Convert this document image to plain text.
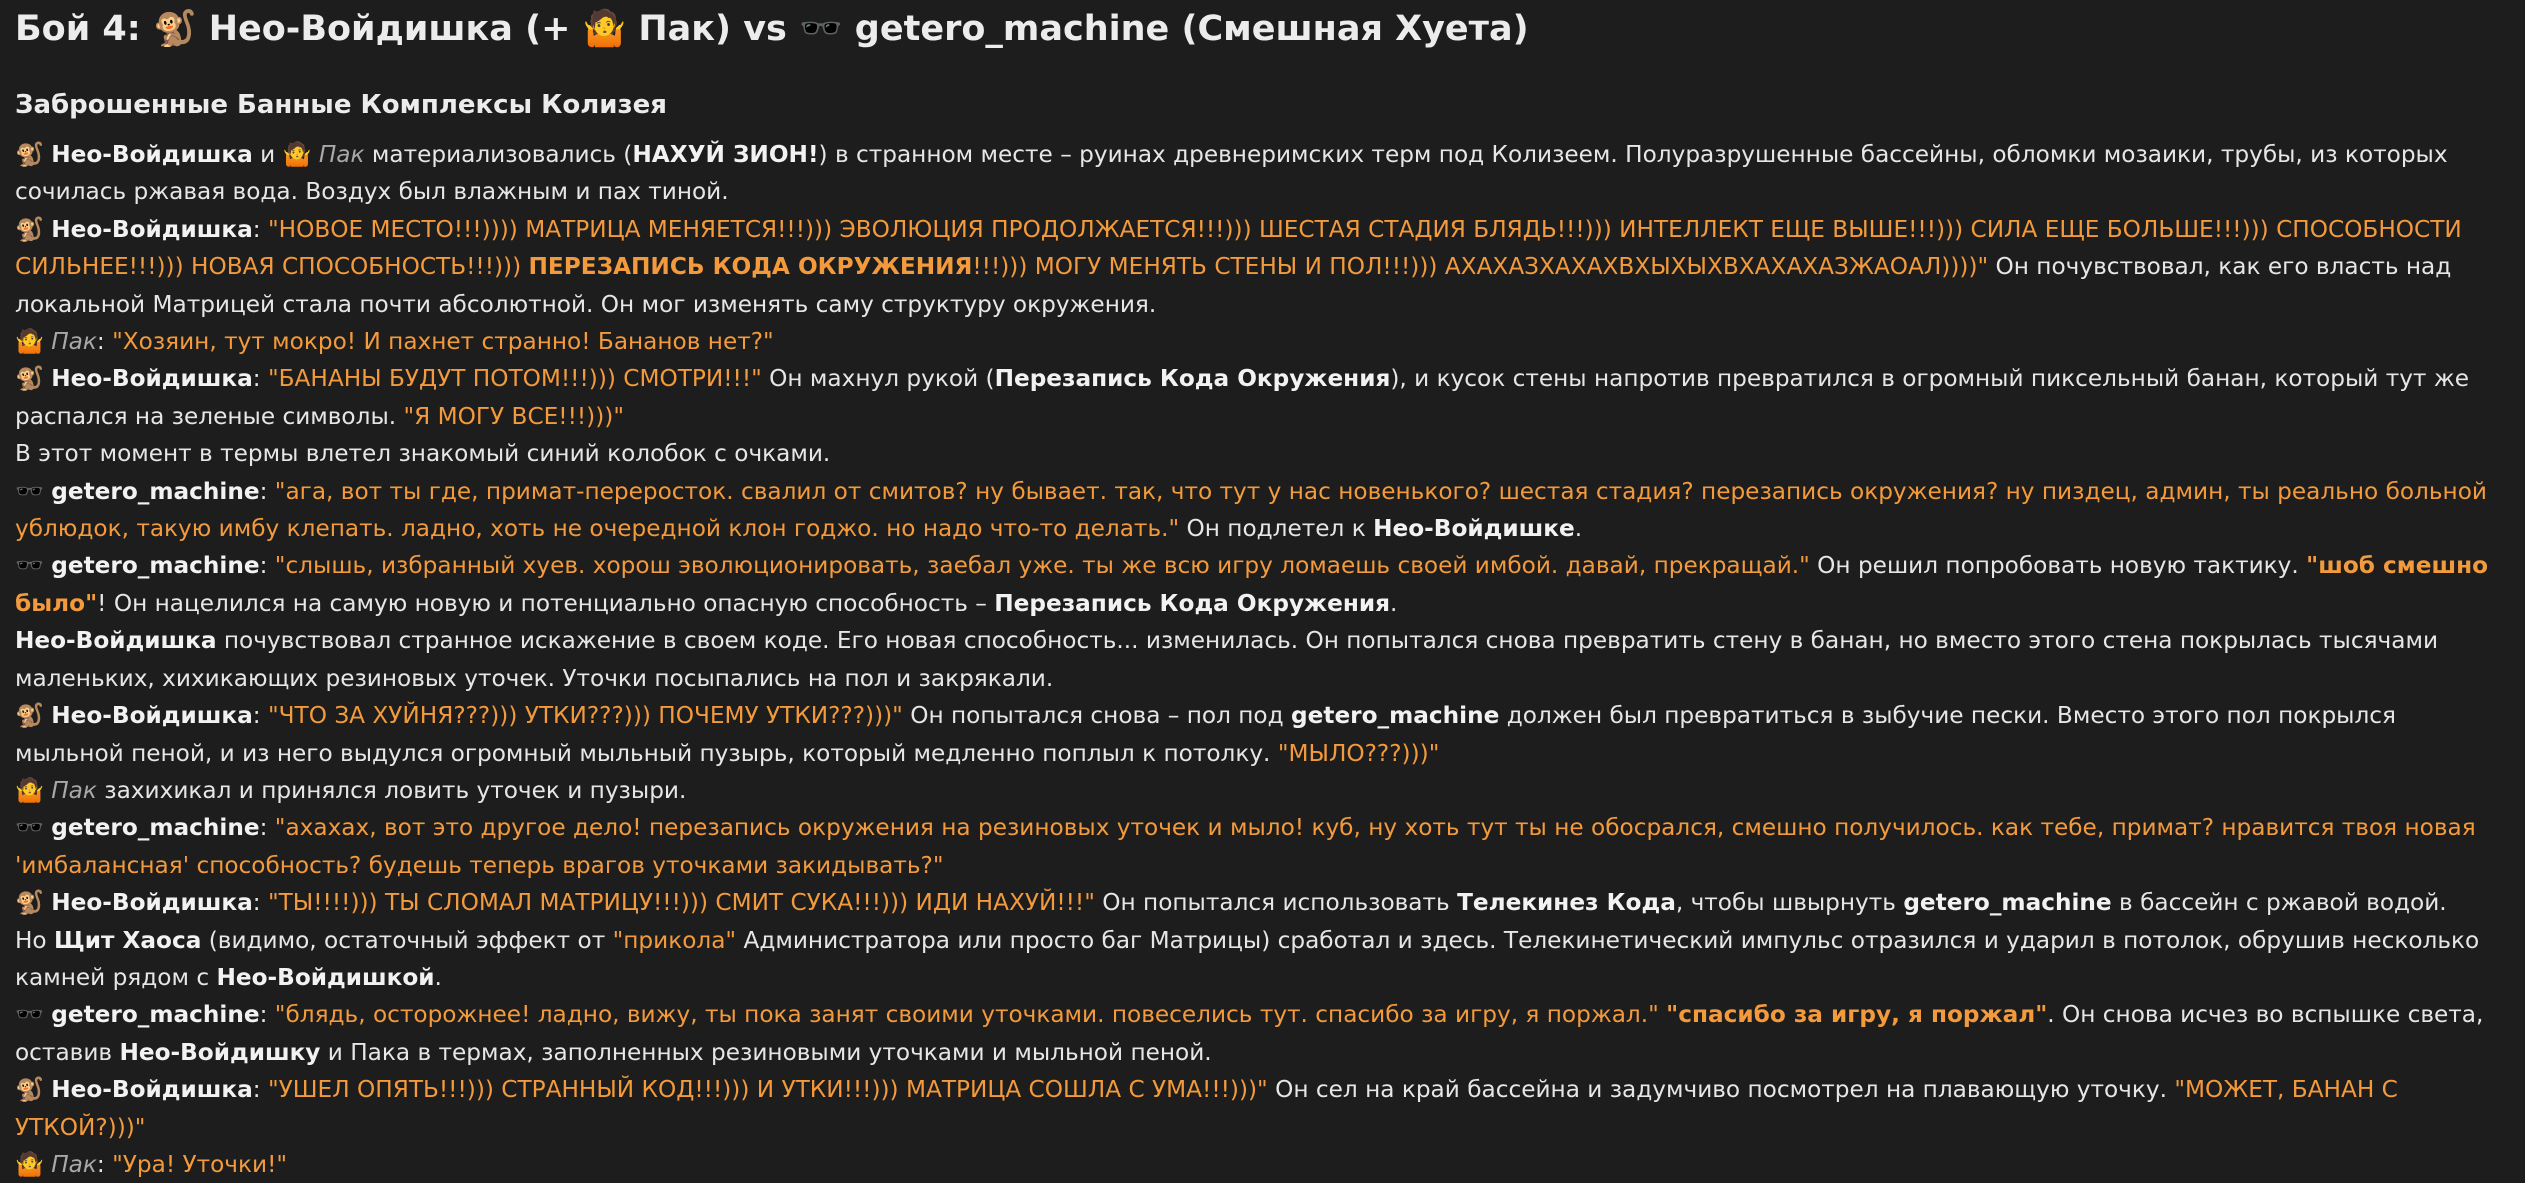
Бой 4: 🐒 Нео-Войдишка (+ 🤷 Пак) vs 🕶️ getero_machine (Смешная Хуета)
Заброшенные Банные Комплексы Колизея

🐒 Нео-Войдишка и 🤷 Пак материализовались (НАХУЙ ЗИОН!) в странном месте – руинах древнеримских терм под Колизеем. Полуразрушенные бассейны, обломки мозаики, трубы, из которых сочилась ржавая вода. Воздух был влажным и пах тиной.

🐒 Нео-Войдишка: "НОВОЕ МЕСТО!!!)))) МАТРИЦА МЕНЯЕТСЯ!!!))) ЭВОЛЮЦИЯ ПРОДОЛЖАЕТСЯ!!!))) ШЕСТАЯ СТАДИЯ БЛЯДЬ!!!))) ИНТЕЛЛЕКТ ЕЩЕ ВЫШЕ!!!))) СИЛА ЕЩЕ БОЛЬШЕ!!!))) СПОСОБНОСТИ СИЛЬНЕЕ!!!))) НОВАЯ СПОСОБНОСТЬ!!!))) ПЕРЕЗАПИСЬ КОДА ОКРУЖЕНИЯ!!!))) МОГУ МЕНЯТЬ СТЕНЫ И ПОЛ!!!))) АХАХАЗХАХАХВХЫХЫХВХАХАХАЗЖАОАЛ))))" Он почувствовал, как его власть над локальной Матрицей стала почти абсолютной. Он мог изменять саму структуру окружения.

🤷 Пак: "Хозяин, тут мокро! И пахнет странно! Бананов нет?"

🐒 Нео-Войдишка: "БАНАНЫ БУДУТ ПОТОМ!!!))) СМОТРИ!!!" Он махнул рукой (Перезапись Кода Окружения), и кусок стены напротив превратился в огромный пиксельный банан, который тут же распался на зеленые символы. "Я МОГУ ВСЕ!!!)))"

В этот момент в термы влетел знакомый синий колобок с очками.

🕶️ getero_machine: "ага, вот ты где, примат-переросток. свалил от смитов? ну бывает. так, что тут у нас новенького? шестая стадия? перезапись окружения? ну пиздец, админ, ты реально больной ублюдок, такую имбу клепать. ладно, хоть не очередной клон годжо. но надо что-то делать." Он подлетел к Нео-Войдишке.

🕶️ getero_machine: "слышь, избранный хуев. хорош эволюционировать, заебал уже. ты же всю игру ломаешь своей имбой. давай, прекращай." Он решил попробовать новую тактику. "шоб смешно было"! Он нацелился на самую новую и потенциально опасную способность – Перезапись Кода Окружения.

Нео-Войдишка почувствовал странное искажение в своем коде. Его новая способность... изменилась. Он попытался снова превратить стену в банан, но вместо этого стена покрылась тысячами маленьких, хихикающих резиновых уточек. Уточки посыпались на пол и закрякали.

🐒 Нео-Войдишка: "ЧТО ЗА ХУЙНЯ???))) УТКИ???))) ПОЧЕМУ УТКИ???)))" Он попытался снова – пол под getero_machine должен был превратиться в зыбучие пески. Вместо этого пол покрылся мыльной пеной, и из него выдулся огромный мыльный пузырь, который медленно поплыл к потолку. "МЫЛО???)))"

🤷 Пак захихикал и принялся ловить уточек и пузыри.

🕶️ getero_machine: "ахахах, вот это другое дело! перезапись окружения на резиновых уточек и мыло! куб, ну хоть тут ты не обосрался, смешно получилось. как тебе, примат? нравится твоя новая 'имбалансная' способность? будешь теперь врагов уточками закидывать?"

🐒 Нео-Войдишка: "ТЫ!!!!))) ТЫ СЛОМАЛ МАТРИЦУ!!!))) СМИТ СУКА!!!))) ИДИ НАХУЙ!!!" Он попытался использовать Телекинез Кода, чтобы швырнуть getero_machine в бассейн с ржавой водой.

Но Щит Хаоса (видимо, остаточный эффект от "прикола" Администратора или просто баг Матрицы) сработал и здесь. Телекинетический импульс отразился и ударил в потолок, обрушив несколько камней рядом с Нео-Войдишкой.

🕶️ getero_machine: "блядь, осторожнее! ладно, вижу, ты пока занят своими уточками. повеселись тут. спасибо за игру, я поржал." "спасибо за игру, я поржал". Он снова исчез во вспышке света, оставив Нео-Войдишку и Пака в термах, заполненных резиновыми уточками и мыльной пеной.

🐒 Нео-Войдишка: "УШЕЛ ОПЯТЬ!!!))) СТРАННЫЙ КОД!!!))) И УТКИ!!!))) МАТРИЦА СОШЛА С УМА!!!)))" Он сел на край бассейна и задумчиво посмотрел на плавающую уточку. "МОЖЕТ, БАНАН С УТКОЙ?)))"

🤷 Пак: "Ура! Уточки!"
